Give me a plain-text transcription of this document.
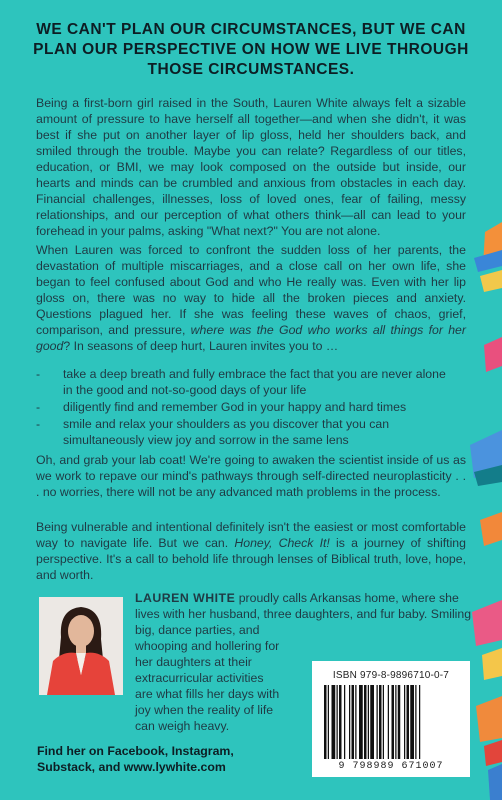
WE CAN'T PLAN OUR CIRCUMSTANCES, BUT WE CAN PLAN OUR PERSPECTIVE ON HOW WE LIVE THROUGH THOSE CIRCUMSTANCES.
Being a first-born girl raised in the South, Lauren White always felt a sizable amount of pressure to have herself all together—and when she didn't, it was best if she put on another layer of lip gloss, held her shoulders back, and smiled through the trouble. Maybe you can relate? Regardless of our titles, education, or BMI, we may look composed on the outside but inside, our hearts and minds can be crumbled and anxious from obstacles in each day. Financial challenges, illnesses, loss of loved ones, fear of failing, messy relationships, and our perception of what others think—all can lead to your forehead in your palms, asking "What next?" You are not alone.
When Lauren was forced to confront the sudden loss of her parents, the devastation of multiple miscarriages, and a close call on her own life, she began to feel confused about God and who He really was. Even with her lip gloss on, there was no way to hide all the broken pieces and anxiety. Questions plagued her. If she was feeling these waves of chaos, grief, comparison, and pressure, where was the God who works all things for her good? In seasons of deep hurt, Lauren invites you to …
- take a deep breath and fully embrace the fact that you are never alone in the good and not-so-good days of your life
- diligently find and remember God in your happy and hard times
- smile and relax your shoulders as you discover that you can simultaneously view joy and sorrow in the same lens
Oh, and grab your lab coat! We're going to awaken the scientist inside of us as we work to repave our mind's pathways through self-directed neuroplasticity . . . no worries, there will not be any advanced math problems in the process.
Being vulnerable and intentional definitely isn't the easiest or most comfortable way to navigate life. But we can. Honey, Check It! is a journey of shifting perspective. It's a call to behold life through lenses of Biblical truth, love, hope, and worth.
LAUREN WHITE proudly calls Arkansas home, where she
lives with her husband, three daughters, and fur baby. Smiling
big, dance parties, and
whooping and hollering for
her daughters at their
extracurricular activities
are what fills her days with
joy when the reality of life
can weigh heavy.
Find her on Facebook, Instagram,
Substack, and www.lywhite.com
ISBN 979-8-9896710-0-7
9 798989 671007
